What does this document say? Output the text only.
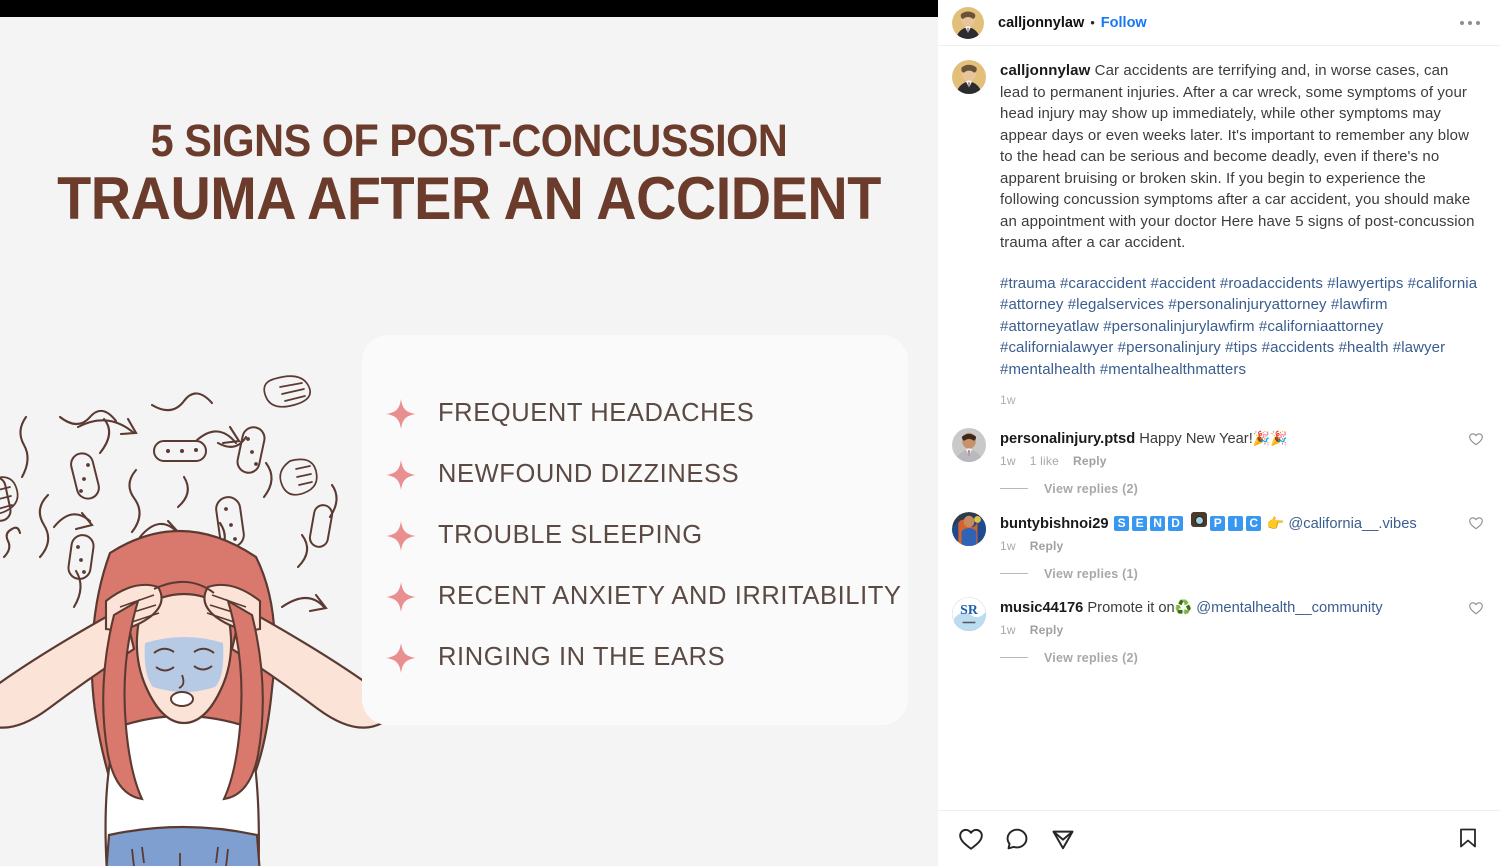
5 SIGNS OF POST-CONCUSSION
TRAUMA AFTER AN ACCIDENT
FREQUENT HEADACHES
NEWFOUND DIZZINESS
TROUBLE SLEEPING
RECENT ANXIETY AND IRRITABILITY
RINGING IN THE EARS
calljonnylaw • Follow
calljonnylaw Car accidents are terrifying and, in worse cases, can lead to permanent injuries. After a car wreck, some symptoms of your head injury may show up immediately, while other symptoms may appear days or even weeks later. It's important to remember any blow to the head can be serious and become deadly, even if there's no apparent bruising or broken skin. If you begin to experience the following concussion symptoms after a car accident, you should make an appointment with your doctor Here have 5 signs of post-concussion trauma after a car accident.
#trauma #caraccident #accident #roadaccidents #lawyertips #california #attorney #legalservices #personalinjuryattorney #lawfirm #attorneyatlaw #personalinjurylawfirm #californiaattorney #californialawyer #personalinjury #tips #accidents #health #lawyer #mentalhealth #mentalhealthmatters
1w
personalinjury.ptsd Happy New Year!🎉🎉
1w 1 like Reply
View replies (2)
buntybishnoi29 S E N D	P I C 👉 @california__.vibes
1w Reply
View replies (1)
SR music44176 Promote it on♻️ @mentalhealth__community
1w Reply
View replies (2)
